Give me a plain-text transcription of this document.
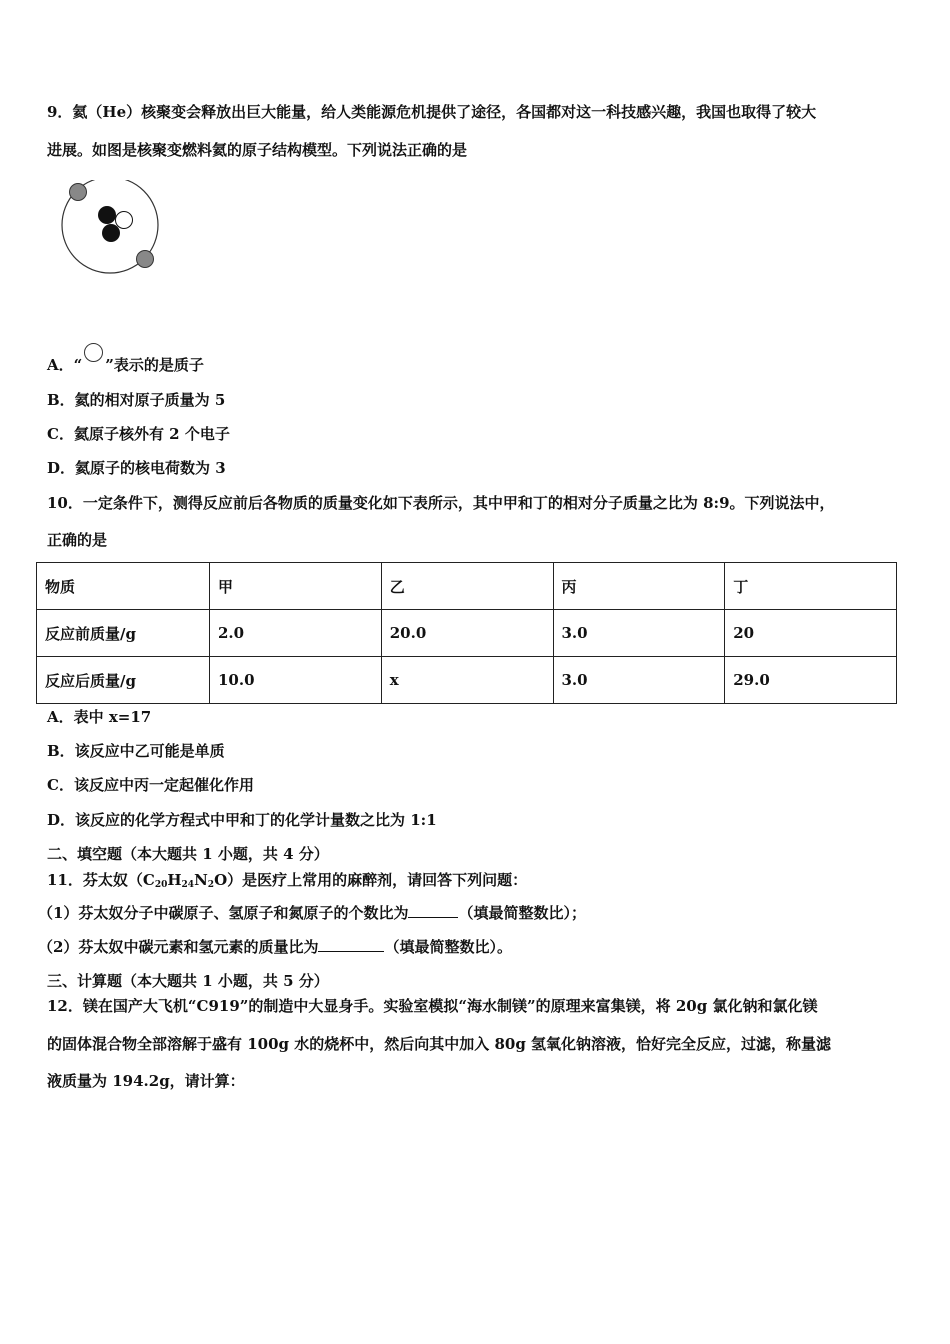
9．氦（He）核聚变会释放出巨大能量，给人类能源危机提供了途径，各国都对这一科技感兴趣，我国也取得了较大
进展。如图是核聚变燃料氦的原子结构模型。下列说法正确的是
A．“ ”表示的是质子
B．氦的相对原子质量为 5
C．氦原子核外有 2 个电子
D．氦原子的核电荷数为 3
10．一定条件下，测得反应前后各物质的质量变化如下表所示，其中甲和丁的相对分子质量之比为 8:9。下列说法中，
正确的是
物质	甲	乙	丙	丁
反应前质量/g	2.0	20.0	3.0	20
反应后质量/g	10.0	x	3.0	29.0
A．表中 x=17
B．该反应中乙可能是单质
C．该反应中丙一定起催化作用
D．该反应的化学方程式中甲和丁的化学计量数之比为 1:1
二、填空题（本大题共 1 小题，共 4 分）
11．芬太奴$(C_{20}H_{24}N_2O)$是医疗上常用的麻醉剂，请回答下列问题：
（1）芬太奴分子中碳原子、氢原子和氮原子的个数比为	（填最简整数比）；
（2）芬太奴中碳元素和氢元素的质量比为	（填最简整数比）。
三、计算题（本大题共 1 小题，共 5 分）
12．镁在国产大飞机“C919”的制造中大显身手。实验室模拟“海水制镁”的原理来富集镁，将 20g 氯化钠和氯化镁
的固体混合物全部溶解于盛有 100g 水的烧杯中，然后向其中加入 80g 氢氧化钠溶液，恰好完全反应，过滤，称量滤
液质量为 194.2g，请计算：
